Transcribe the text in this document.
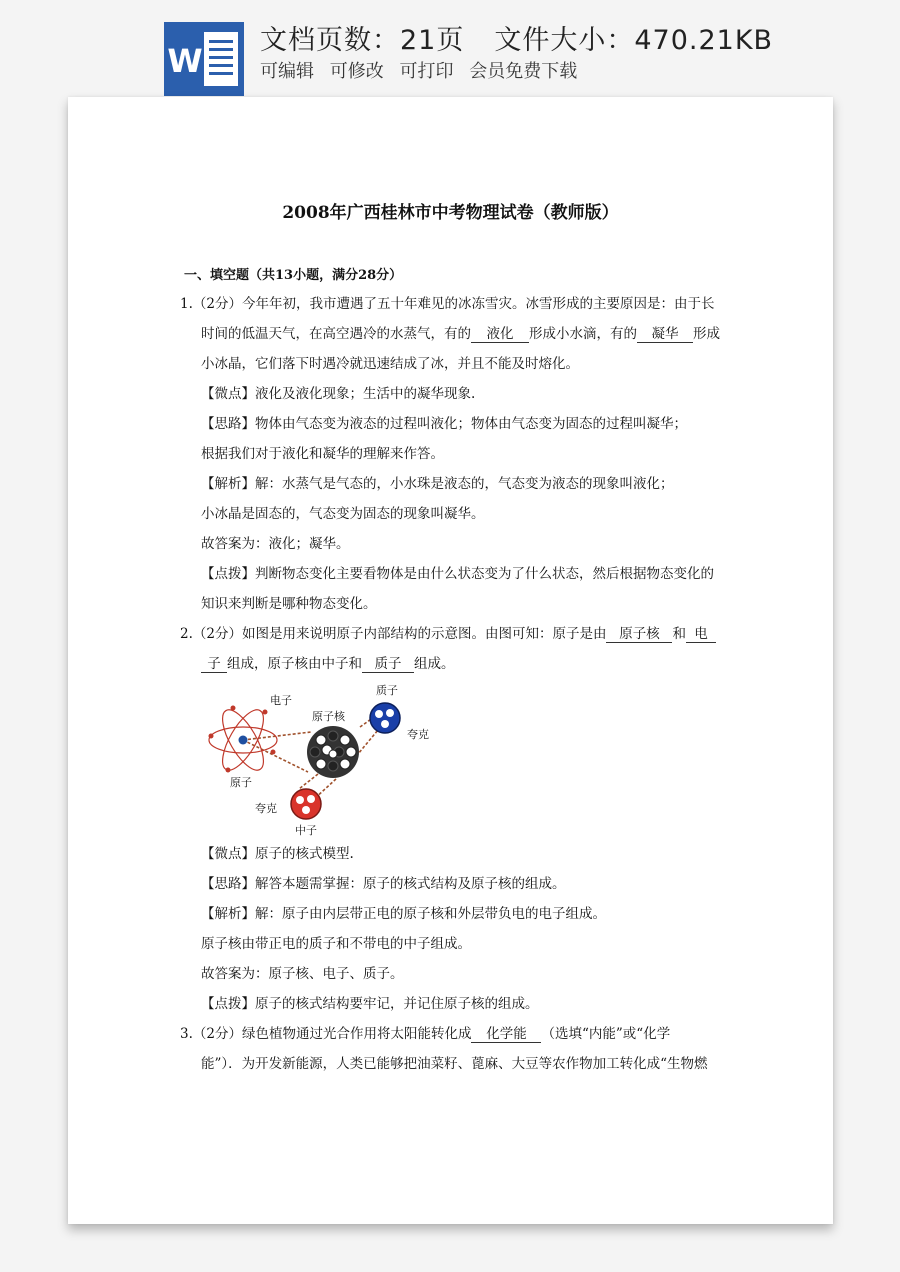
W
文档页数：21页 文件大小：470.21KB
可编辑 可修改 可打印 会员免费下载
2008年广西桂林市中考物理试卷（教师版）
一、填空题（共13小题，满分28分）
1.（2分）今年年初，我市遭遇了五十年难见的冰冻雪灾。冰雪形成的主要原因是：由于长
时间的低温天气，在高空遇冷的水蒸气，有的 液化 形成小水滴，有的 凝华 形成
小冰晶，它们落下时遇冷就迅速结成了冰，并且不能及时熔化。
【微点】液化及液化现象；生活中的凝华现象.
【思路】物体由气态变为液态的过程叫液化；物体由气态变为固态的过程叫凝华；
根据我们对于液化和凝华的理解来作答。
【解析】解：水蒸气是气态的，小水珠是液态的，气态变为液态的现象叫液化；
小冰晶是固态的，气态变为固态的现象叫凝华。
故答案为：液化；凝华。
【点拨】判断物态变化主要看物体是由什么状态变为了什么状态，然后根据物态变化的
知识来判断是哪种物态变化。
2.（2分）如图是用来说明原子内部结构的示意图。由图可知：原子是由 原子核 和 电
子 组成，原子核由中子和 质子 组成。
电子
原子核
质子
夸克
原子
夸克
中子
【微点】原子的核式模型.
【思路】解答本题需掌握：原子的核式结构及原子核的组成。
【解析】解：原子由内层带正电的原子核和外层带负电的电子组成。
原子核由带正电的质子和不带电的中子组成。
故答案为：原子核、电子、质子。
【点拨】原子的核式结构要牢记，并记住原子核的组成。
3.（2分）绿色植物通过光合作用将太阳能转化成 化学能 （选填“内能”或“化学
能”）．为开发新能源，人类已能够把油菜籽、蓖麻、大豆等农作物加工转化成“生物燃
